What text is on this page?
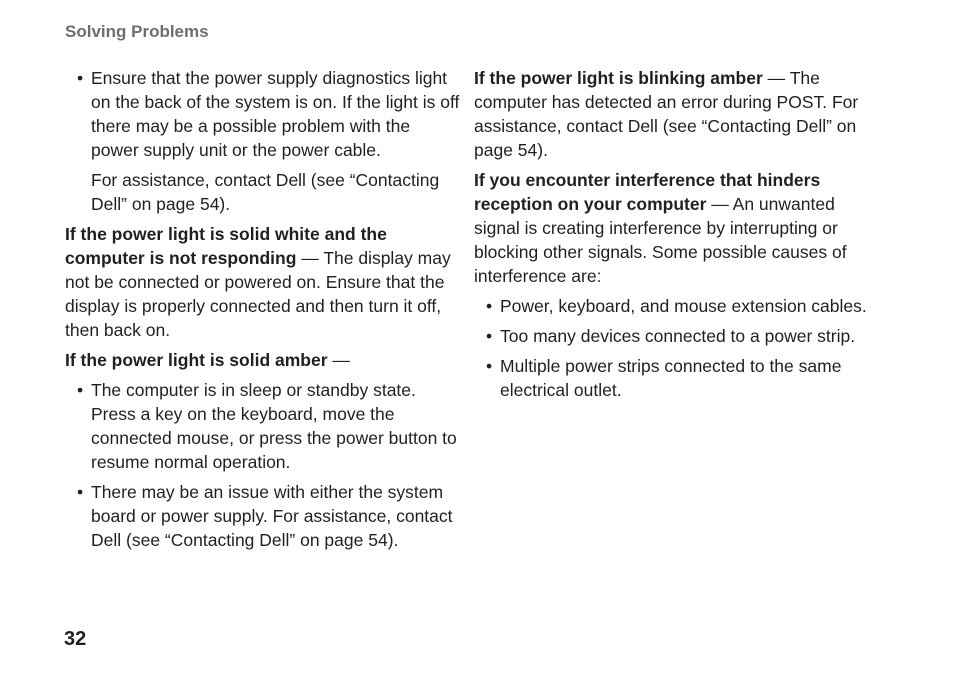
Solving Problems
• Ensure that the power supply diagnostics light on the back of the system is on. If the light is off there may be a possible problem with the power supply unit or the power cable.

For assistance, contact Dell (see “Contacting Dell” on page 54).

If the power light is solid white and the computer is not responding — The display may not be connected or powered on. Ensure that the display is properly connected and then turn it off, then back on.

If the power light is solid amber —

• The computer is in sleep or standby state. Press a key on the keyboard, move the connected mouse, or press the power button to resume normal operation.
• There may be an issue with either the system board or power supply. For assistance, contact Dell (see “Contacting Dell” on page 54).

If the power light is blinking amber — The computer has detected an error during POST. For assistance, contact Dell (see “Contacting Dell” on page 54).

If you encounter interference that hinders reception on your computer — An unwanted signal is creating interference by interrupting or blocking other signals. Some possible causes of interference are:

• Power, keyboard, and mouse extension cables.
• Too many devices connected to a power strip.
• Multiple power strips connected to the same electrical outlet.
32
